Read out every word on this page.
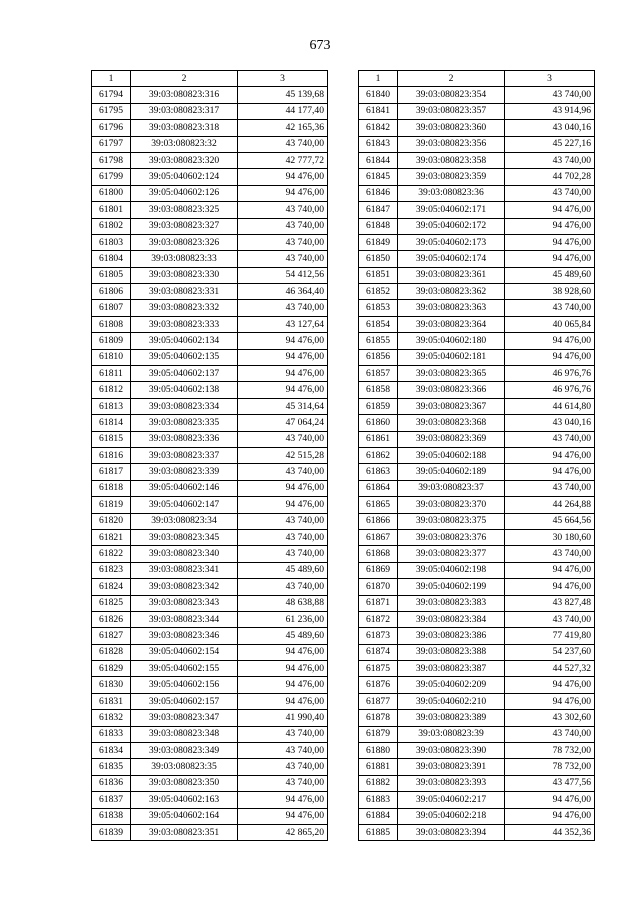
673
1	2	3
61794	39:03:080823:316	45 139,68
61795	39:03:080823:317	44 177,40
61796	39:03:080823:318	42 165,36
61797	39:03:080823:32	43 740,00
61798	39:03:080823:320	42 777,72
61799	39:05:040602:124	94 476,00
61800	39:05:040602:126	94 476,00
61801	39:03:080823:325	43 740,00
61802	39:03:080823:327	43 740,00
61803	39:03:080823:326	43 740,00
61804	39:03:080823:33	43 740,00
61805	39:03:080823:330	54 412,56
61806	39:03:080823:331	46 364,40
61807	39:03:080823:332	43 740,00
61808	39:03:080823:333	43 127,64
61809	39:05:040602:134	94 476,00
61810	39:05:040602:135	94 476,00
61811	39:05:040602:137	94 476,00
61812	39:05:040602:138	94 476,00
61813	39:03:080823:334	45 314,64
61814	39:03:080823:335	47 064,24
61815	39:03:080823:336	43 740,00
61816	39:03:080823:337	42 515,28
61817	39:03:080823:339	43 740,00
61818	39:05:040602:146	94 476,00
61819	39:05:040602:147	94 476,00
61820	39:03:080823:34	43 740,00
61821	39:03:080823:345	43 740,00
61822	39:03:080823:340	43 740,00
61823	39:03:080823:341	45 489,60
61824	39:03:080823:342	43 740,00
61825	39:03:080823:343	48 638,88
61826	39:03:080823:344	61 236,00
61827	39:03:080823:346	45 489,60
61828	39:05:040602:154	94 476,00
61829	39:05:040602:155	94 476,00
61830	39:05:040602:156	94 476,00
61831	39:05:040602:157	94 476,00
61832	39:03:080823:347	41 990,40
61833	39:03:080823:348	43 740,00
61834	39:03:080823:349	43 740,00
61835	39:03:080823:35	43 740,00
61836	39:03:080823:350	43 740,00
61837	39:05:040602:163	94 476,00
61838	39:05:040602:164	94 476,00
61839	39:03:080823:351	42 865,20
1	2	3
61840	39:03:080823:354	43 740,00
61841	39:03:080823:357	43 914,96
61842	39:03:080823:360	43 040,16
61843	39:03:080823:356	45 227,16
61844	39:03:080823:358	43 740,00
61845	39:03:080823:359	44 702,28
61846	39:03:080823:36	43 740,00
61847	39:05:040602:171	94 476,00
61848	39:05:040602:172	94 476,00
61849	39:05:040602:173	94 476,00
61850	39:05:040602:174	94 476,00
61851	39:03:080823:361	45 489,60
61852	39:03:080823:362	38 928,60
61853	39:03:080823:363	43 740,00
61854	39:03:080823:364	40 065,84
61855	39:05:040602:180	94 476,00
61856	39:05:040602:181	94 476,00
61857	39:03:080823:365	46 976,76
61858	39:03:080823:366	46 976,76
61859	39:03:080823:367	44 614,80
61860	39:03:080823:368	43 040,16
61861	39:03:080823:369	43 740,00
61862	39:05:040602:188	94 476,00
61863	39:05:040602:189	94 476,00
61864	39:03:080823:37	43 740,00
61865	39:03:080823:370	44 264,88
61866	39:03:080823:375	45 664,56
61867	39:03:080823:376	30 180,60
61868	39:03:080823:377	43 740,00
61869	39:05:040602:198	94 476,00
61870	39:05:040602:199	94 476,00
61871	39:03:080823:383	43 827,48
61872	39:03:080823:384	43 740,00
61873	39:03:080823:386	77 419,80
61874	39:03:080823:388	54 237,60
61875	39:03:080823:387	44 527,32
61876	39:05:040602:209	94 476,00
61877	39:05:040602:210	94 476,00
61878	39:03:080823:389	43 302,60
61879	39:03:080823:39	43 740,00
61880	39:03:080823:390	78 732,00
61881	39:03:080823:391	78 732,00
61882	39:03:080823:393	43 477,56
61883	39:05:040602:217	94 476,00
61884	39:05:040602:218	94 476,00
61885	39:03:080823:394	44 352,36
